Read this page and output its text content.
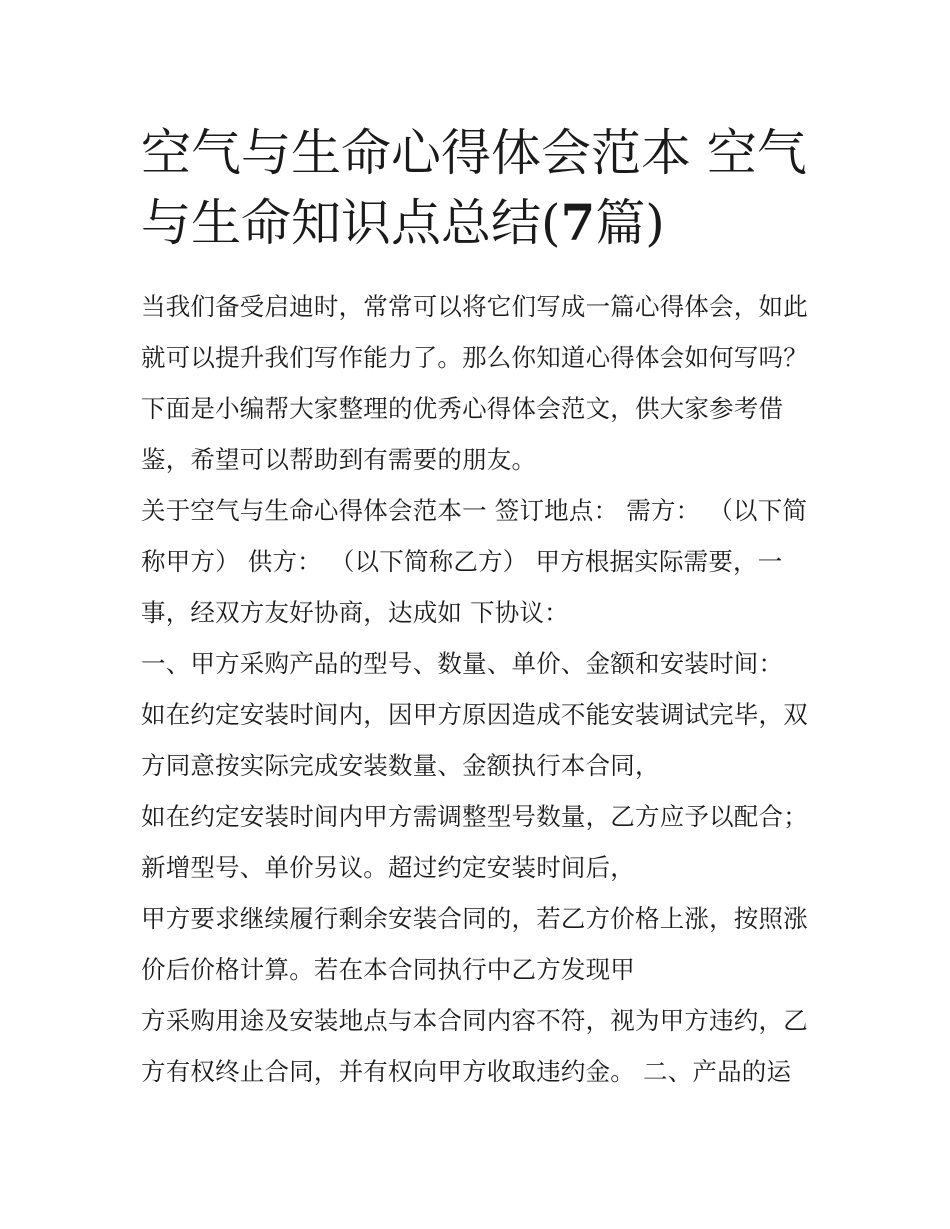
空气与生命心得体会范本 空气
与生命知识点总结(7篇)

当我们备受启迪时，常常可以将它们写成一篇心得体会，如此就可以提升我们写作能力了。那么你知道心得体会如何写吗？下面是小编帮大家整理的优秀心得体会范文，供大家参考借鉴，希望可以帮助到有需要的朋友。

关于空气与生命心得体会范本一 签订地点： 需方： （以下简称甲方） 供方： （以下简称乙方） 甲方根据实际需要，一事，经双方友好协商，达成如 下协议：

一、甲方采购产品的型号、数量、单价、金额和安装时间：

如在约定安装时间内，因甲方原因造成不能安装调试完毕，双方同意按实际完成安装数量、金额执行本合同，

如在约定安装时间内甲方需调整型号数量，乙方应予以配合；新增型号、单价另议。超过约定安装时间后，

甲方要求继续履行剩余安装合同的，若乙方价格上涨，按照涨价后价格计算。若在本合同执行中乙方发现甲

方采购用途及安装地点与本合同内容不符，视为甲方违约，乙方有权终止合同，并有权向甲方收取违约金。 二、产品的运
